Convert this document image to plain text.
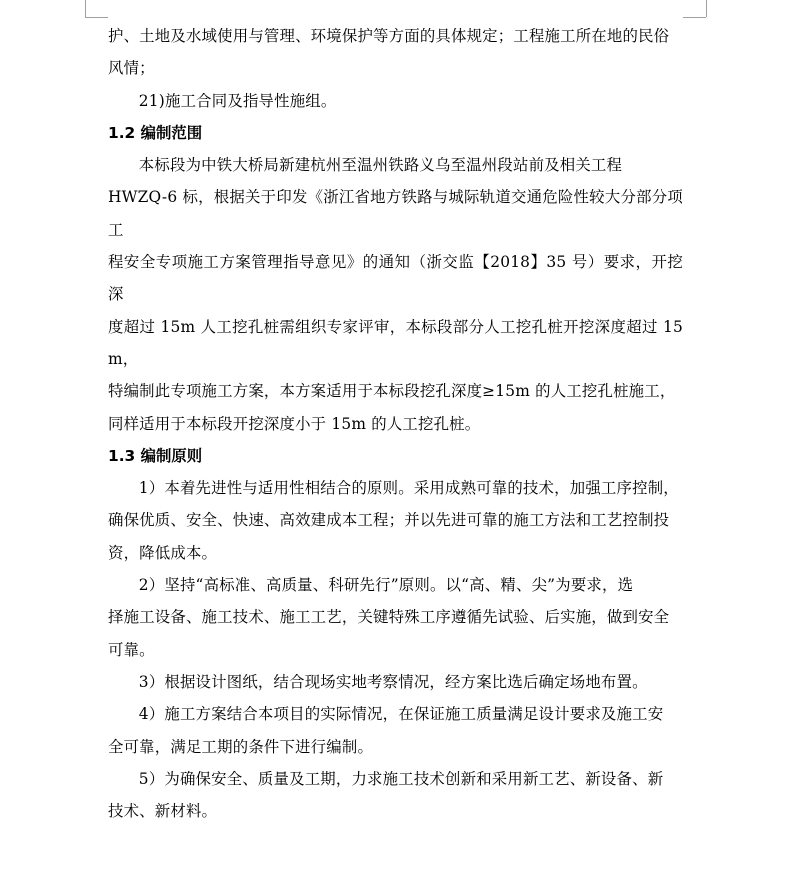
护、土地及水域使用与管理、环境保护等方面的具体规定；工程施工所在地的民俗
风情；

21)施工合同及指导性施组。

1.2 编制范围

本标段为中铁大桥局新建杭州至温州铁路义乌至温州段站前及相关工程
HWZQ-6 标，根据关于印发《浙江省地方铁路与城际轨道交通危险性较大分部分项工
程安全专项施工方案管理指导意见》的通知（浙交监【2018】35 号）要求，开挖深
度超过 15m 人工挖孔桩需组织专家评审，本标段部分人工挖孔桩开挖深度超过 15m，
特编制此专项施工方案，本方案适用于本标段挖孔深度≥15m 的人工挖孔桩施工，
同样适用于本标段开挖深度小于 15m 的人工挖孔桩。

1.3 编制原则

1）本着先进性与适用性相结合的原则。采用成熟可靠的技术，加强工序控制，
确保优质、安全、快速、高效建成本工程；并以先进可靠的施工方法和工艺控制投
资，降低成本。

2）坚持“高标准、高质量、科研先行”原则。以“高、精、尖”为要求，选
择施工设备、施工技术、施工工艺，关键特殊工序遵循先试验、后实施，做到安全
可靠。

3）根据设计图纸，结合现场实地考察情况，经方案比选后确定场地布置。

4）施工方案结合本项目的实际情况，在保证施工质量满足设计要求及施工安
全可靠，满足工期的条件下进行编制。

5）为确保安全、质量及工期，力求施工技术创新和采用新工艺、新设备、新
技术、新材料。
